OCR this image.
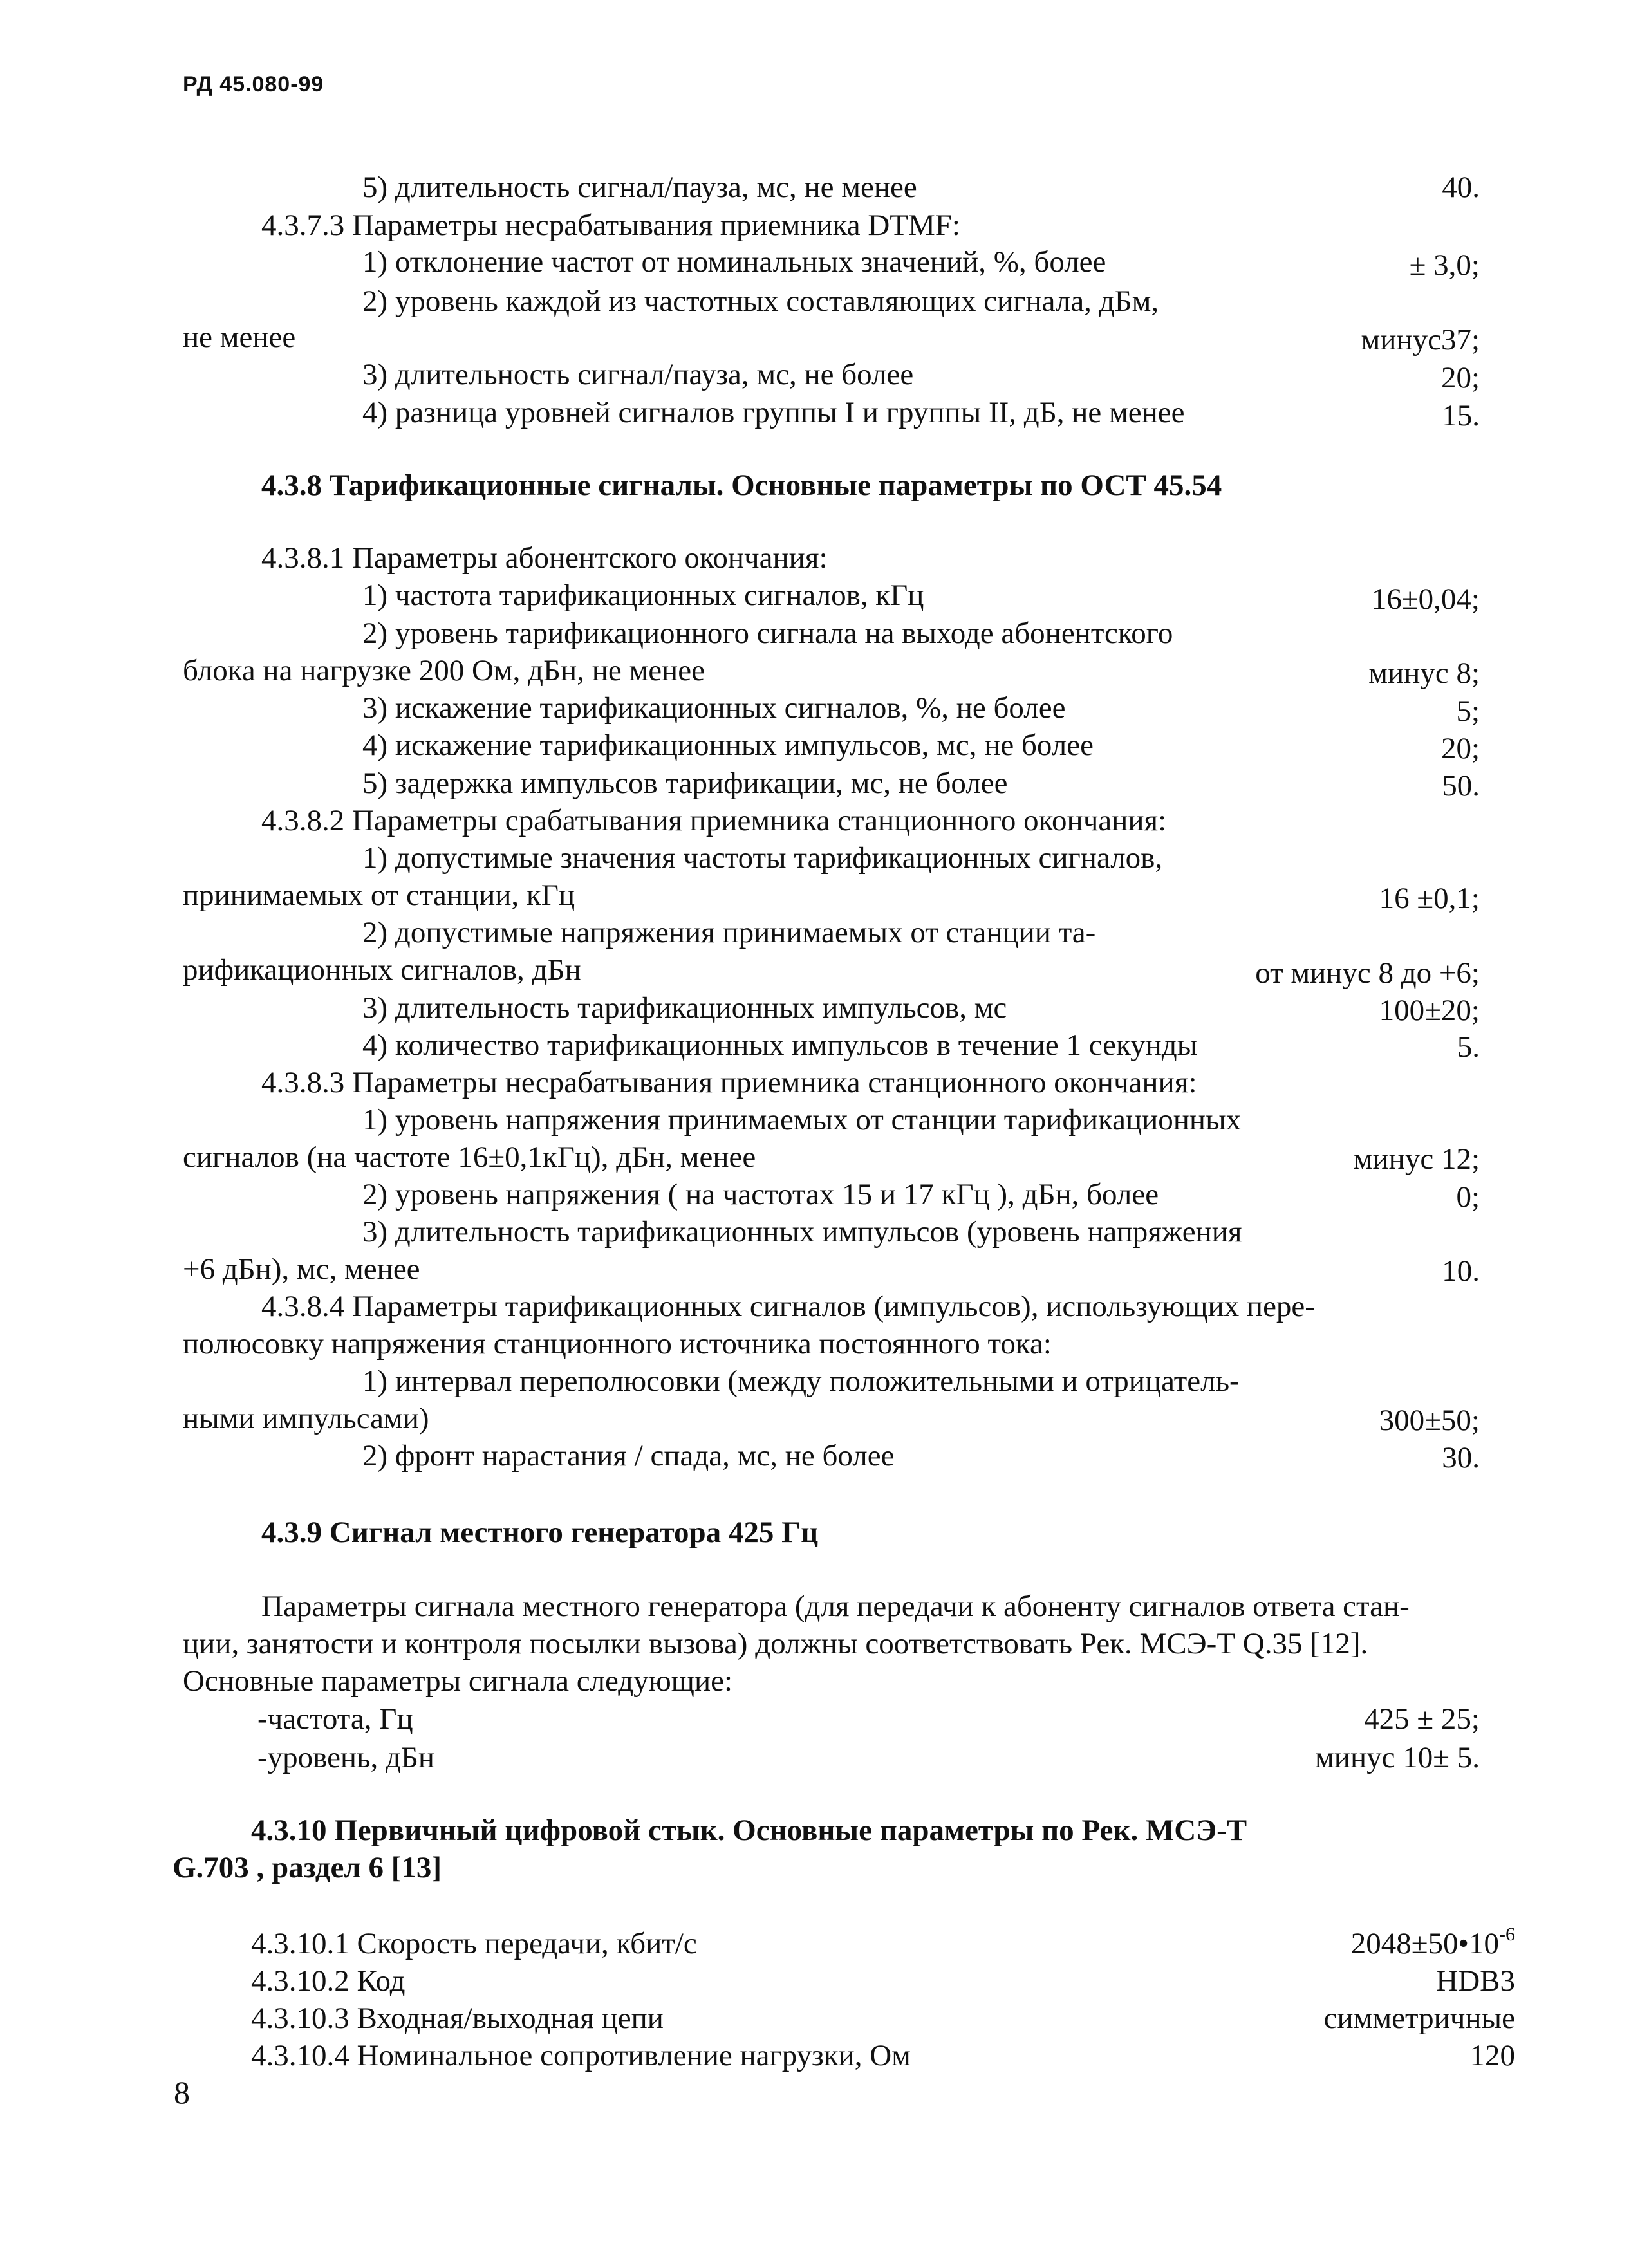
РД 45.080-99
5) длительность сигнал/пауза, мс, не менее	40.
4.3.7.3 Параметры несрабатывания приемника DTMF:
1) отклонение частот от номинальных значений, %, более	± 3,0;
2) уровень каждой из частотных составляющих сигнала, дБм,
не менее	минус37;
3) длительность сигнал/пауза, мс, не более	20;
4) разница уровней сигналов группы I и группы II, дБ, не менее	15.
4.3.8 Тарификационные сигналы. Основные параметры по ОСТ 45.54
4.3.8.1 Параметры абонентского окончания:
1) частота тарификационных сигналов, кГц	16±0,04;
2) уровень тарификационного сигнала на выходе абонентского
блока на нагрузке 200 Ом, дБн, не менее	минус 8;
3) искажение тарификационных сигналов, %, не более	5;
4) искажение тарификационных импульсов, мс, не более	20;
5) задержка импульсов тарификации, мс, не более	50.
4.3.8.2 Параметры срабатывания приемника станционного окончания:
1) допустимые значения частоты тарификационных сигналов,
принимаемых от станции, кГц	16 ±0,1;
2) допустимые напряжения принимаемых от станции та-
рификационных сигналов, дБн	от минус 8 до +6;
3) длительность тарификационных импульсов, мс	100±20;
4) количество тарификационных импульсов в течение 1 секунды	5.
4.3.8.3 Параметры несрабатывания приемника станционного окончания:
1) уровень напряжения принимаемых от станции тарификационных
сигналов (на частоте 16±0,1кГц), дБн, менее	минус 12;
2) уровень напряжения ( на частотах 15 и 17 кГц ), дБн, более	0;
3) длительность тарификационных импульсов (уровень напряжения
+6 дБн), мс, менее	10.
4.3.8.4 Параметры тарификационных сигналов (импульсов), использующих пере-
полюсовку напряжения станционного источника постоянного тока:
1) интервал переполюсовки (между положительными и отрицатель-
ными импульсами)	300±50;
2) фронт нарастания / спада, мс, не более	30.
4.3.9 Сигнал местного генератора 425 Гц
Параметры сигнала местного генератора (для передачи к абоненту сигналов ответа стан-
ции, занятости и контроля посылки вызова) должны соответствовать Рек. МСЭ-Т Q.35 [12].
Основные параметры сигнала следующие:
-частота, Гц	425 ± 25;
-уровень, дБн	минус 10± 5.
4.3.10 Первичный цифровой стык. Основные параметры по Рек. МСЭ-Т
G.703 , раздел 6 [13]
4.3.10.1 Скорость передачи, кбит/с	$2048\pm 50•10^{-6}$
4.3.10.2 Код	HDB3
4.3.10.3 Входная/выходная цепи	симметричные
4.3.10.4 Номинальное сопротивление нагрузки, Ом	120
8
